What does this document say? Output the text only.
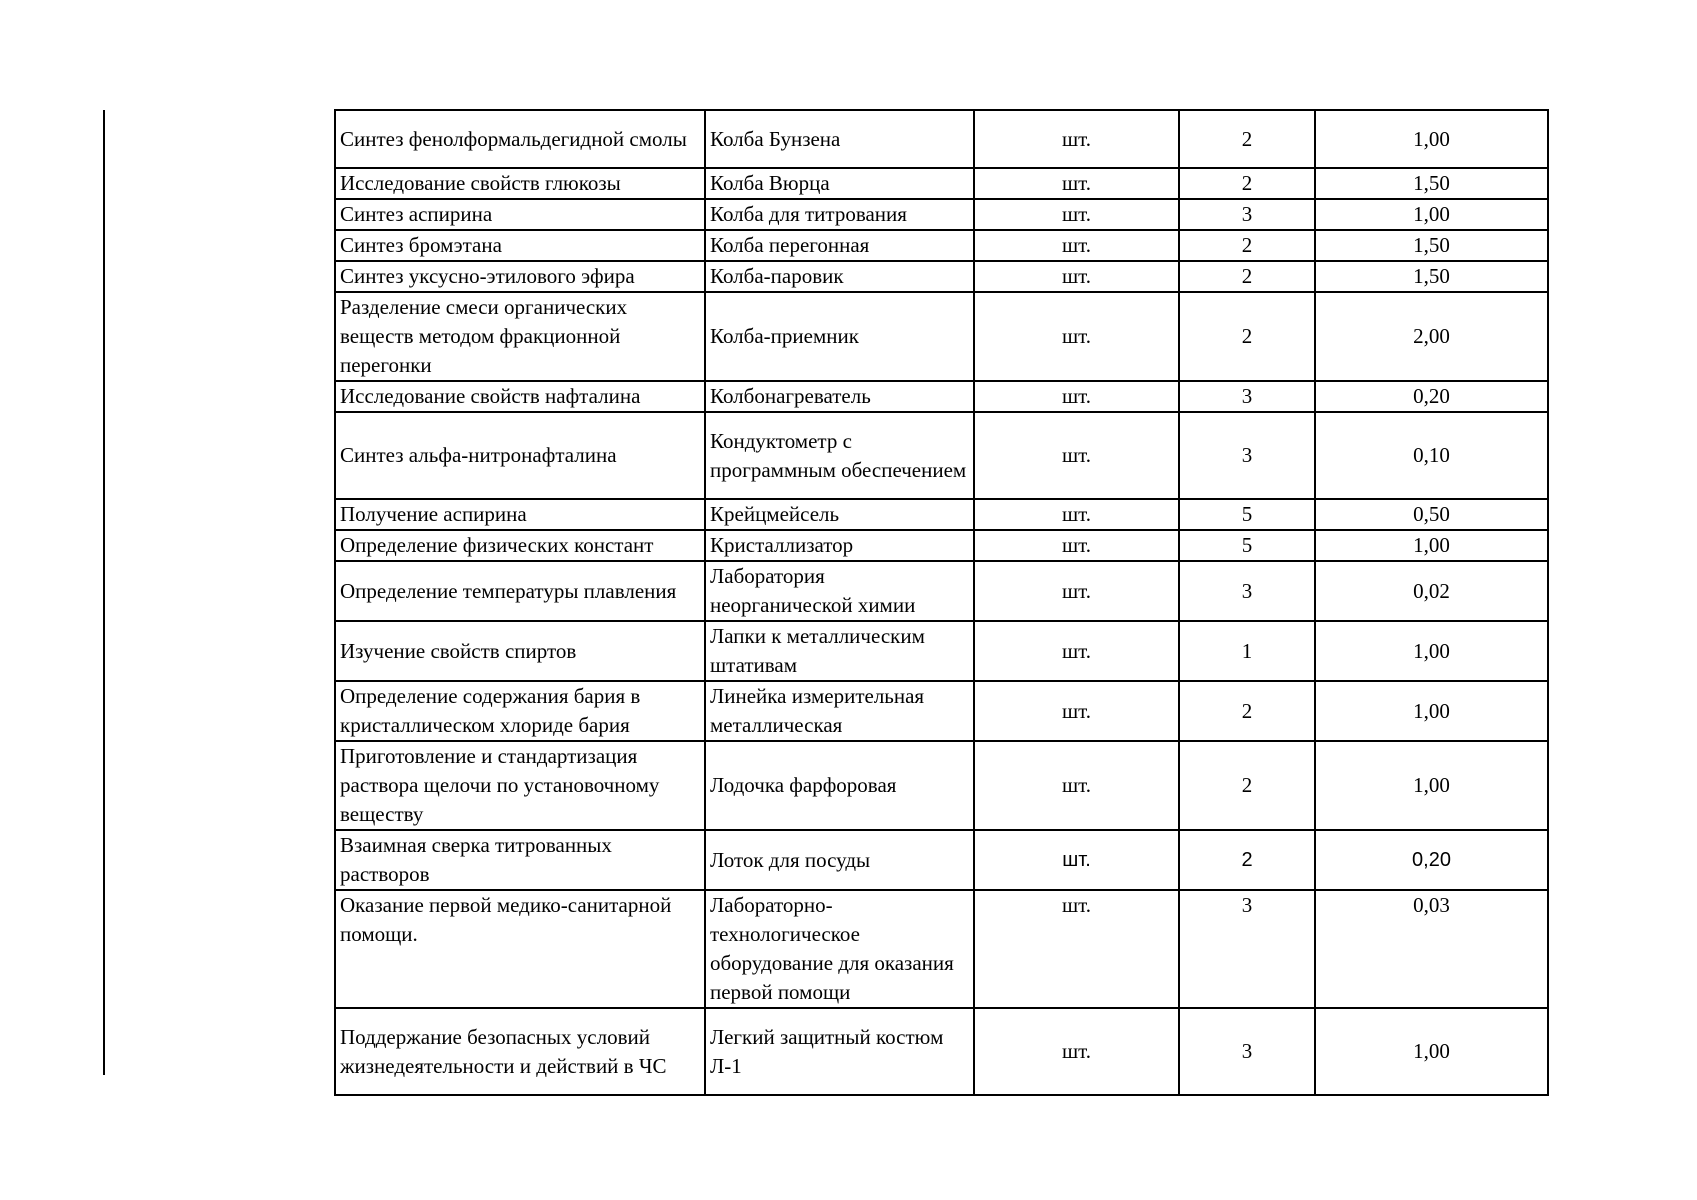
Синтез фенолформальдегидной смолы	Колба Бунзена	шт.	2	1,00
Исследование свойств глюкозы	Колба Вюрца	шт.	2	1,50
Синтез аспирина	Колба для титрования	шт.	3	1,00
Синтез бромэтана	Колба перегонная	шт.	2	1,50
Синтез уксусно-этилового эфира	Колба-паровик	шт.	2	1,50
Разделение смеси органических веществ методом фракционной перегонки	Колба-приемник	шт.	2	2,00
Исследование свойств нафталина	Колбонагреватель	шт.	3	0,20
Синтез альфа-нитронафталина	Кондуктометр с программным обеспечением	шт.	3	0,10
Получение аспирина	Крейцмейсель	шт.	5	0,50
Определение физических констант	Кристаллизатор	шт.	5	1,00
Определение температуры плавления	Лаборатория неорганической химии	шт.	3	0,02
Изучение свойств спиртов	Лапки к металлическим штативам	шт.	1	1,00
Определение содержания бария в кристаллическом хлориде бария	Линейка измерительная металлическая	шт.	2	1,00
Приготовление и стандартизация раствора щелочи по установочному веществу	Лодочка фарфоровая	шт.	2	1,00
Взаимная сверка титрованных растворов	Лоток для посуды	шт.	2	0,20
Оказание первой медико-санитарной помощи.	Лабораторно-технологическое оборудование для оказания первой помощи	шт.	3	0,03
Поддержание безопасных условий жизнедеятельности и действий в ЧС	Легкий защитный костюм Л-1	шт.	3	1,00
